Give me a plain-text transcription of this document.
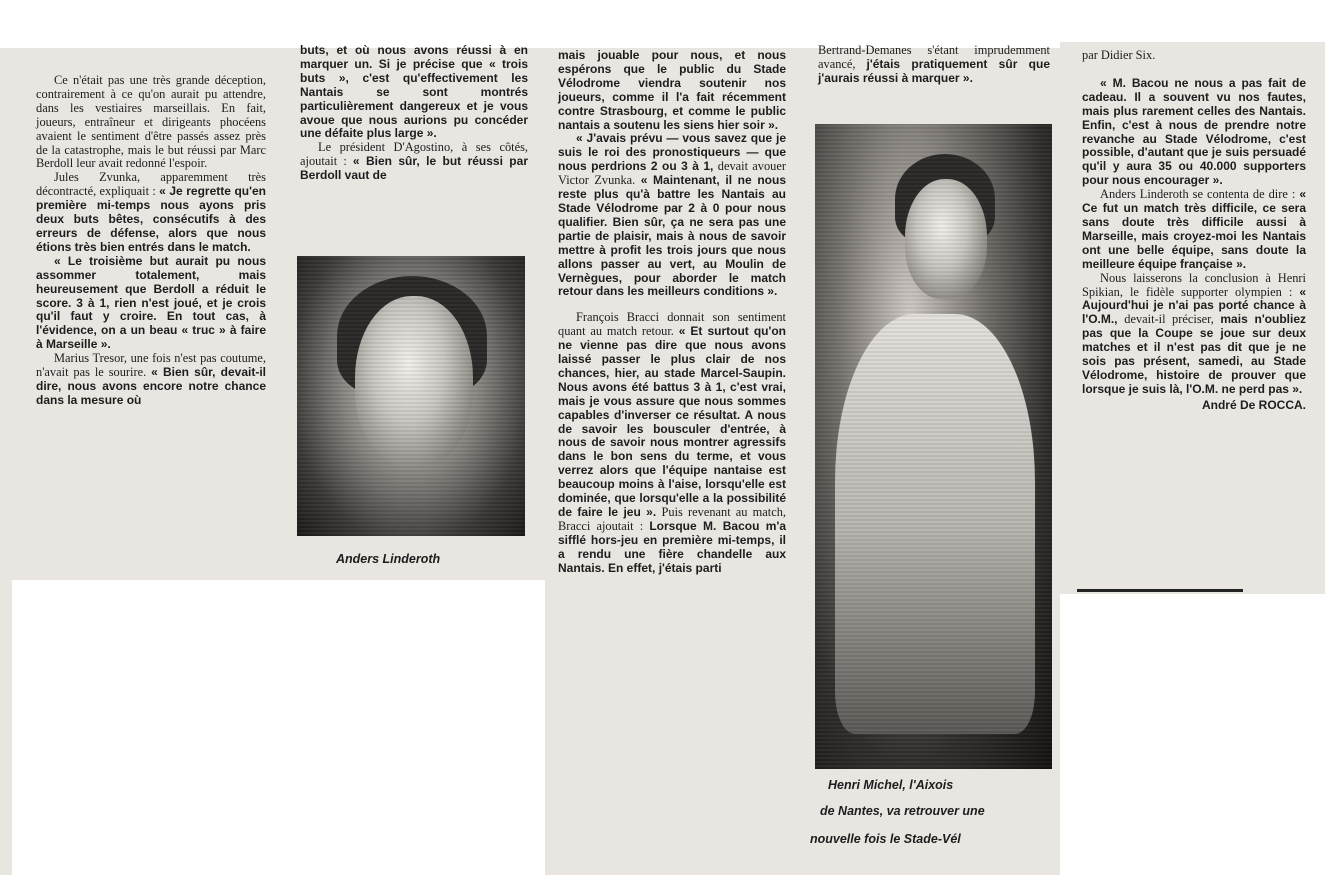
Ce n'était pas une très grande déception, contrairement à ce qu'on aurait pu attendre, dans les vestiaires marseillais. En fait, joueurs, entraîneur et dirigeants phocéens avaient le sentiment d'être passés assez près de la catastrophe, mais le but réussi par Marc Berdoll leur avait redonné l'espoir.

Jules Zvunka, apparemment très décontracté, expliquait : « Je regrette qu'en première mi-temps nous ayons pris deux buts bêtes, consécutifs à des erreurs de défense, alors que nous étions très bien entrés dans le match.

« Le troisième but aurait pu nous assommer totalement, mais heureusement que Berdoll a réduit le score. 3 à 1, rien n'est joué, et je crois qu'il faut y croire. En tout cas, à l'évidence, on a un beau « truc » à faire à Marseille ».

Marius Tresor, une fois n'est pas coutume, n'avait pas le sourire. « Bien sûr, devait-il dire, nous avons encore notre chance dans la mesure où

buts, et où nous avons réussi à en marquer un. Si je précise que « trois buts », c'est qu'effectivement les Nantais se sont montrés particulièrement dangereux et je vous avoue que nous aurions pu concéder une défaite plus large ».

Le président D'Agostino, à ses côtés, ajoutait : « Bien sûr, le but réussi par Berdoll vaut de

Anders Linderoth

mais jouable pour nous, et nous espérons que le public du Stade Vélodrome viendra soutenir nos joueurs, comme il l'a fait récemment contre Strasbourg, et comme le public nantais a soutenu les siens hier soir ».

« J'avais prévu — vous savez que je suis le roi des pronostiqueurs — que nous perdrions 2 ou 3 à 1, devait avouer Victor Zvunka. « Maintenant, il ne nous reste plus qu'à battre les Nantais au Stade Vélodrome par 2 à 0 pour nous qualifier. Bien sûr, ça ne sera pas une partie de plaisir, mais à nous de savoir mettre à profit les trois jours que nous allons passer au vert, au Moulin de Vernègues, pour aborder le match retour dans les meilleurs conditions ».

François Bracci donnait son sentiment quant au match retour. « Et surtout qu'on ne vienne pas dire que nous avons laissé passer le plus clair de nos chances, hier, au stade Marcel-Saupin. Nous avons été battus 3 à 1, c'est vrai, mais je vous assure que nous sommes capables d'inverser ce résultat. A nous de savoir les bousculer d'entrée, à nous de savoir nous montrer agressifs dans le bon sens du terme, et vous verrez alors que l'équipe nantaise est beaucoup moins à l'aise, lorsqu'elle est dominée, que lorsqu'elle a la possibilité de faire le jeu ». Puis revenant au match, Bracci ajoutait : Lorsque M. Bacou m'a sifflé hors-jeu en première mi-temps, il a rendu une fière chandelle aux Nantais. En effet, j'étais parti

Bertrand-Demanes s'étant imprudemment avancé, j'étais pratiquement sûr que j'aurais réussi à marquer ».

Henri Michel, l'Aixois
de Nantes, va retrouver une
nouvelle fois le Stade-Vél

par Didier Six.

« M. Bacou ne nous a pas fait de cadeau. Il a souvent vu nos fautes, mais plus rarement celles des Nantais. Enfin, c'est à nous de prendre notre revanche au Stade Vélodrome, c'est possible, d'autant que je suis persuadé qu'il y aura 35 ou 40.000 supporters pour nous encourager ».

Anders Linderoth se contenta de dire : « Ce fut un match très difficile, ce sera sans doute très difficile aussi à Marseille, mais croyez-moi les Nantais ont une belle équipe, sans doute la meilleure équipe française ».

Nous laisserons la conclusion à Henri Spikian, le fidèle supporter olympien : « Aujourd'hui je n'ai pas porté chance à l'O.M., devait-il préciser, mais n'oubliez pas que la Coupe se joue sur deux matches et il n'est pas dit que je ne sois pas présent, samedi, au Stade Vélodrome, histoire de prouver que lorsque je suis là, l'O.M. ne perd pas ».

André De ROCCA.
